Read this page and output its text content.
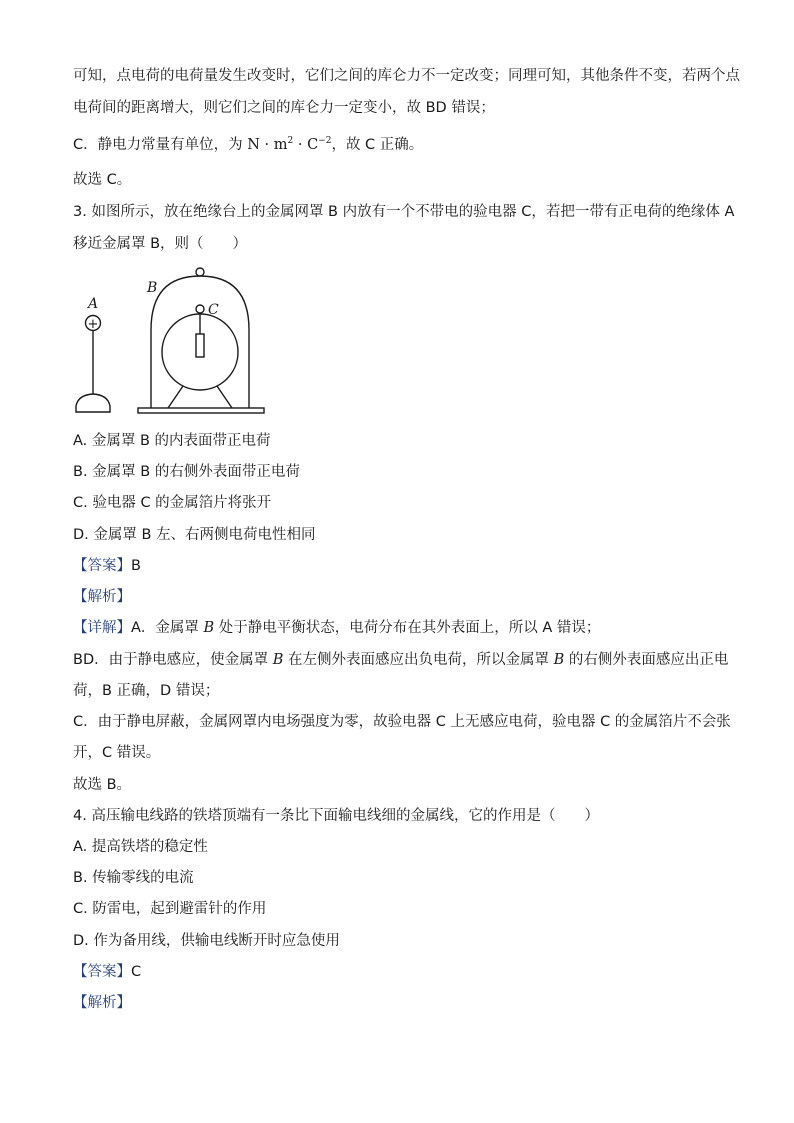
可知，点电荷的电荷量发生改变时，它们之间的库仑力不一定改变；同理可知，其他条件不变，若两个点
电荷间的距离增大，则它们之间的库仑力一定变小，故 BD 错误；
C．静电力常量有单位，为 $N \cdot m^2 \cdot C^{-2}$，故 C 正确。
故选 C。
3. 如图所示，放在绝缘台上的金属网罩 B 内放有一个不带电的验电器 C，若把一带有正电荷的绝缘体 A
移近金属罩 B，则（　　）
+
A
B
C
A. 金属罩 B 的内表面带正电荷
B. 金属罩 B 的右侧外表面带正电荷
C. 验电器 C 的金属箔片将张开
D. 金属罩 B 左、右两侧电荷电性相同
【答案】B
【解析】
【详解】A．金属罩 B 处于静电平衡状态，电荷分布在其外表面上，所以 A 错误；
BD．由于静电感应，使金属罩 B 在左侧外表面感应出负电荷，所以金属罩 B 的右侧外表面感应出正电
荷，B 正确，D 错误；
C．由于静电屏蔽，金属网罩内电场强度为零，故验电器 C 上无感应电荷，验电器 C 的金属箔片不会张
开，C 错误。
故选 B。
4. 高压输电线路的铁塔顶端有一条比下面输电线细的金属线，它的作用是（　　）
A. 提高铁塔的稳定性
B. 传输零线的电流
C. 防雷电，起到避雷针的作用
D. 作为备用线，供输电线断开时应急使用
【答案】C
【解析】
